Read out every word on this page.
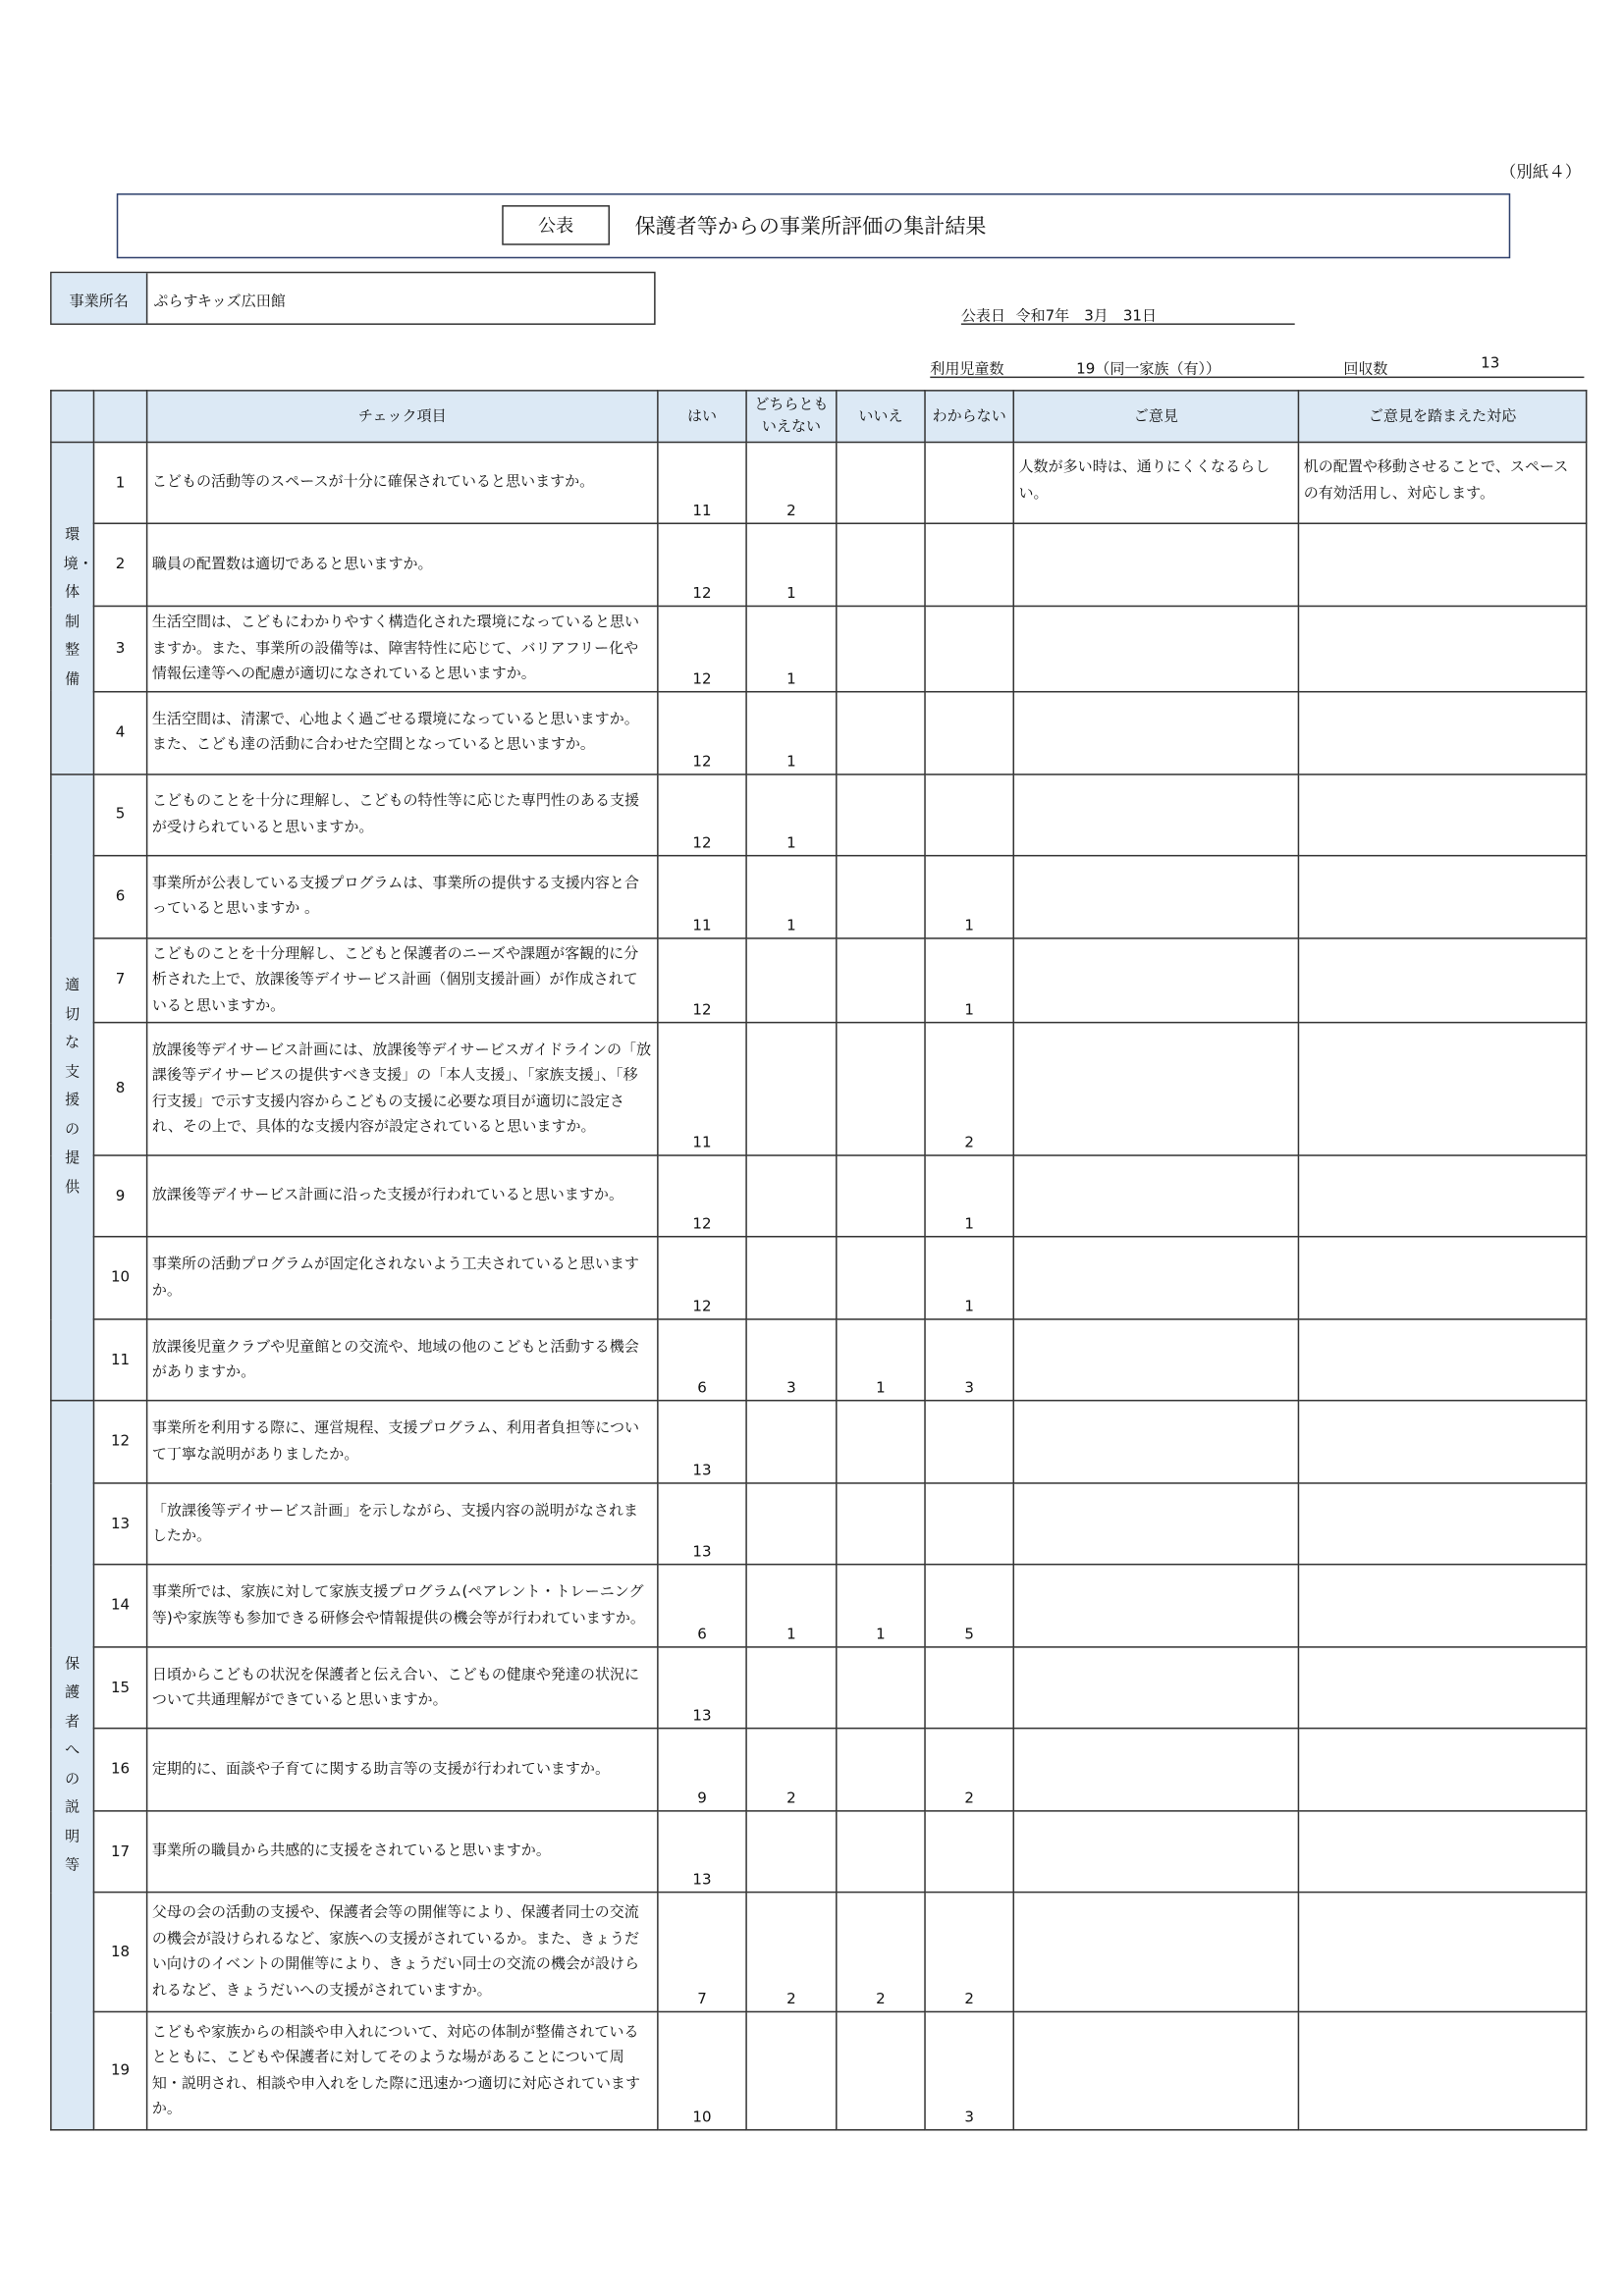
（別紙４）
公表	保護者等からの事業所評価の集計結果
事業所名	ぷらすキッズ広田館
公表日 令和7年　3月　31日
利用児童数	19（同一家族（有））	回収数	13
		チェック項目	はい	どちらとも
いえない	いいえ	わからない	ご意見	ご意見を踏まえた対応

環境・体制整備	1	こどもの活動等のスペースが十分に確保されていると思いますか。	11	2			人数が多い時は、通りにくくなるらしい。	机の配置や移動させることで、スペースの有効活用し、対応します。
	2	職員の配置数は適切であると思いますか。	12	1				
	3	生活空間は、こどもにわかりやすく構造化された環境になっていると思いますか。また、事業所の設備等は、障害特性に応じて、バリアフリー化や情報伝達等への配慮が適切になされていると思いますか。	12	1				
	4	生活空間は、清潔で、心地よく過ごせる環境になっていると思いますか。また、こども達の活動に合わせた空間となっていると思いますか。	12	1				

適切な支援の提供	5	こどものことを十分に理解し、こどもの特性等に応じた専門性のある支援が受けられていると思いますか。	12	1				
	6	事業所が公表している支援プログラムは、事業所の提供する支援内容と合っていると思いますか 。	11	1		1		
	7	こどものことを十分理解し、こどもと保護者のニーズや課題が客観的に分析された上で、放課後等デイサービス計画（個別支援計画）が作成されていると思いますか。	12			1		
	8	放課後等デイサービス計画には、放課後等デイサービスガイドラインの「放課後等デイサービスの提供すべき支援」の「本人支援」、「家族支援」、「移行支援」で示す支援内容からこどもの支援に必要な項目が適切に設定され、その上で、具体的な支援内容が設定されていると思いますか。	11			2		
	9	放課後等デイサービス計画に沿った支援が行われていると思いますか。	12			1		
	10	事業所の活動プログラムが固定化されないよう工夫されていると思いますか。	12			1		
	11	放課後児童クラブや児童館との交流や、地域の他のこどもと活動する機会がありますか。	6	3	1	3		

保護者への説明等	12	事業所を利用する際に、運営規程、支援プログラム、利用者負担等について丁寧な説明がありましたか。	13					
	13	「放課後等デイサービス計画」を示しながら、支援内容の説明がなされましたか。	13					
	14	事業所では、家族に対して家族支援プログラム(ペアレント・トレーニング等)や家族等も参加できる研修会や情報提供の機会等が行われていますか。	6	1	1	5		
	15	日頃からこどもの状況を保護者と伝え合い、こどもの健康や発達の状況について共通理解ができていると思いますか。	13					
	16	定期的に、面談や子育てに関する助言等の支援が行われていますか。	9	2		2		
	17	事業所の職員から共感的に支援をされていると思いますか。	13					
	18	父母の会の活動の支援や、保護者会等の開催等により、保護者同士の交流の機会が設けられるなど、家族への支援がされているか。また、きょうだい向けのイベントの開催等により、きょうだい同士の交流の機会が設けられるなど、きょうだいへの支援がされていますか。	7	2	2	2		
	19	こどもや家族からの相談や申入れについて、対応の体制が整備されているとともに、こどもや保護者に対してそのような場があることについて周知・説明され、相談や申入れをした際に迅速かつ適切に対応されていますか。	10			3		
